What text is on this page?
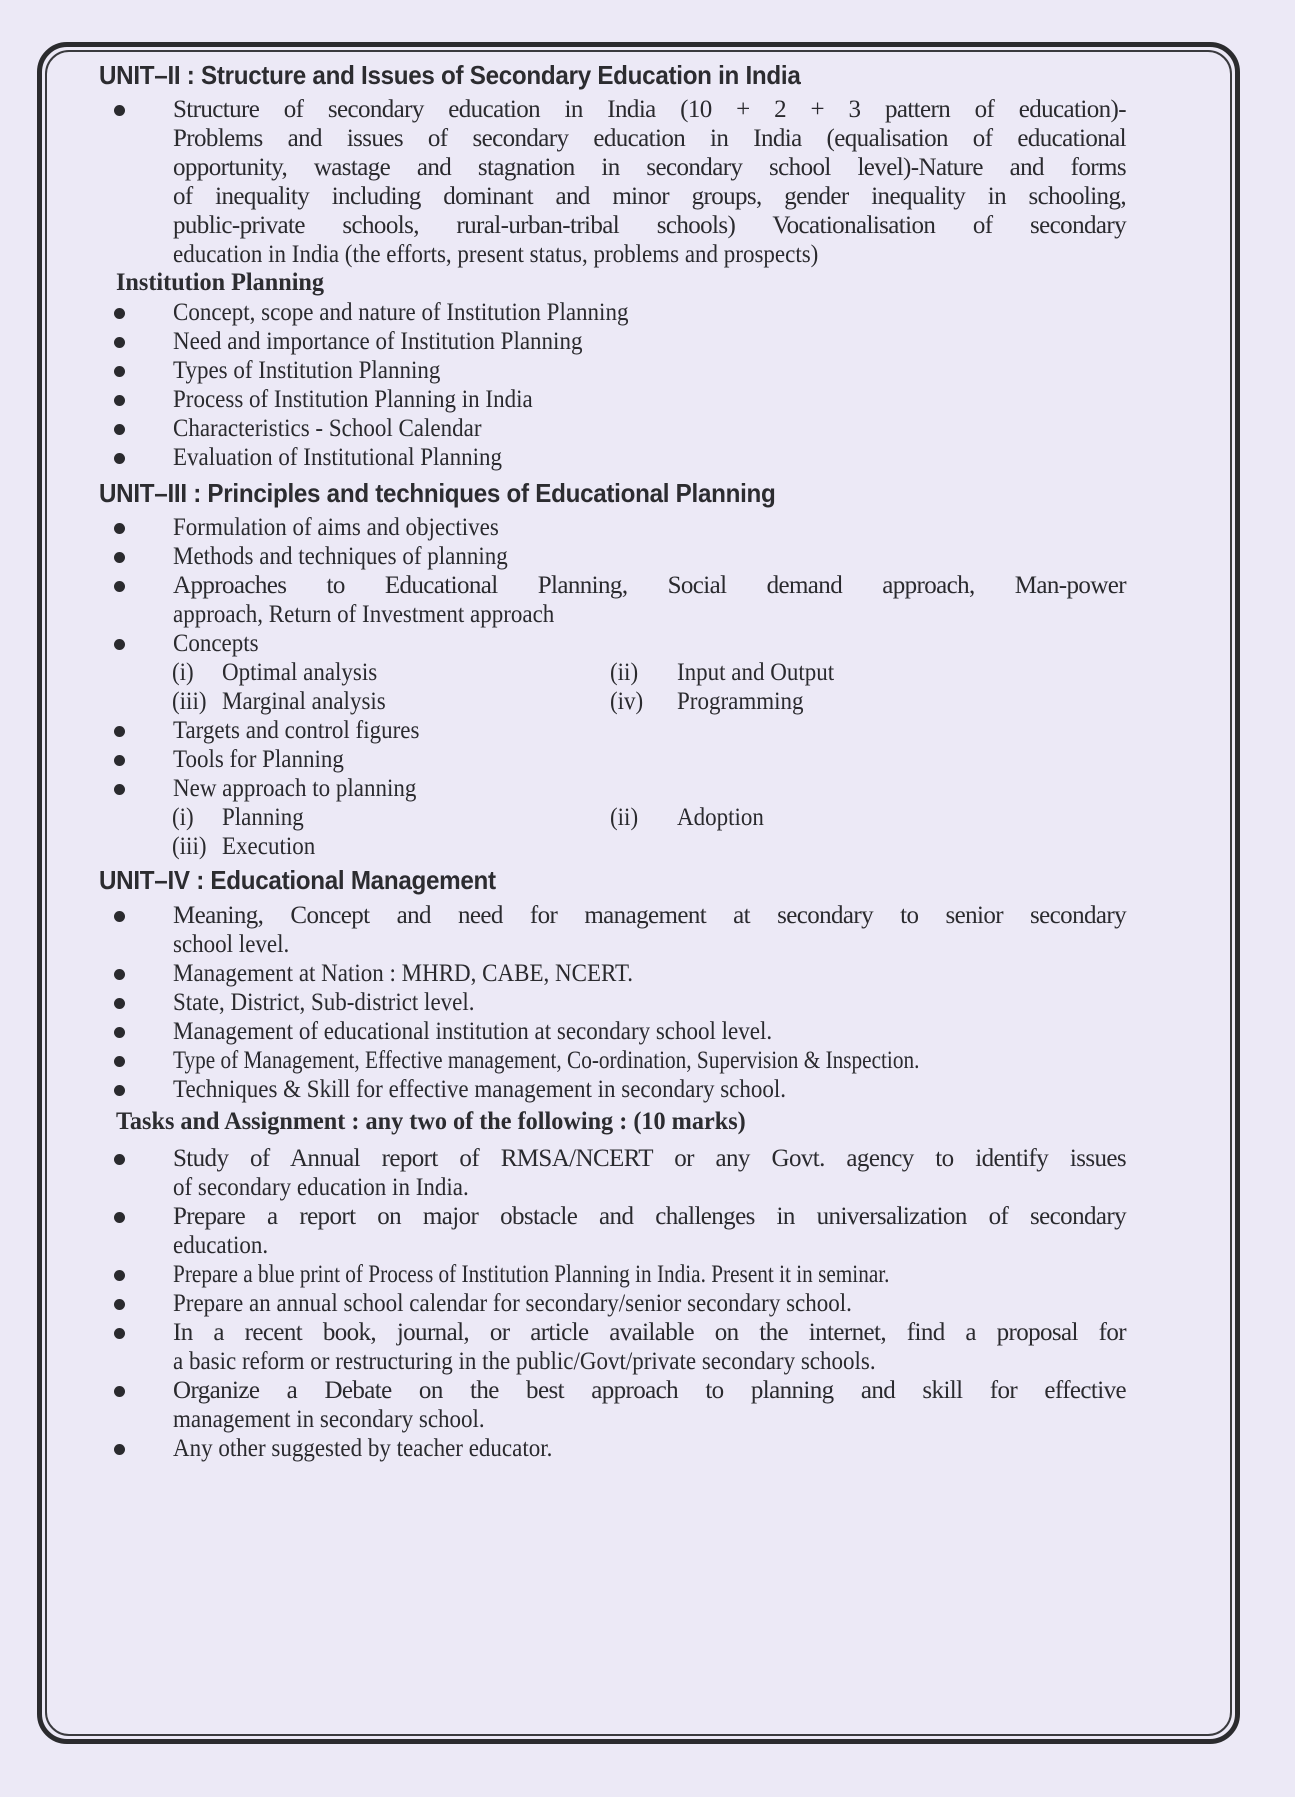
UNIT–II : Structure and Issues of Secondary Education in India
Structure of secondary education in India (10 + 2 + 3 pattern of education)-
Problems and issues of secondary education in India (equalisation of educational
opportunity, wastage and stagnation in secondary school level)-Nature and forms
of inequality including dominant and minor groups, gender inequality in schooling,
public-private schools, rural-urban-tribal schools) Vocationalisation of secondary
education in India (the efforts, present status, problems and prospects)
Institution Planning
Concept, scope and nature of Institution Planning
Need and importance of Institution Planning
Types of Institution Planning
Process of Institution Planning in India
Characteristics - School Calendar
Evaluation of Institutional Planning
UNIT–III : Principles and techniques of Educational Planning
Formulation of aims and objectives
Methods and techniques of planning
Approaches to Educational Planning, Social demand approach, Man-power
approach, Return of Investment approach
Concepts
(i) Optimal analysis	(ii) Input and Output
(iii) Marginal analysis	(iv) Programming
Targets and control figures
Tools for Planning
New approach to planning
(i) Planning	(ii) Adoption
(iii) Execution
UNIT–IV : Educational Management
Meaning, Concept and need for management at secondary to senior secondary
school level.
Management at Nation : MHRD, CABE, NCERT.
State, District, Sub-district level.
Management of educational institution at secondary school level.
Type of Management, Effective management, Co-ordination, Supervision & Inspection.
Techniques & Skill for effective management in secondary school.
Tasks and Assignment : any two of the following : (10 marks)
Study of Annual report of RMSA/NCERT or any Govt. agency to identify issues
of secondary education in India.
Prepare a report on major obstacle and challenges in universalization of secondary
education.
Prepare a blue print of Process of Institution Planning in India. Present it in seminar.
Prepare an annual school calendar for secondary/senior secondary school.
In a recent book, journal, or article available on the internet, find a proposal for
a basic reform or restructuring in the public/Govt/private secondary schools.
Organize a Debate on the best approach to planning and skill for effective
management in secondary school.
Any other suggested by teacher educator.
